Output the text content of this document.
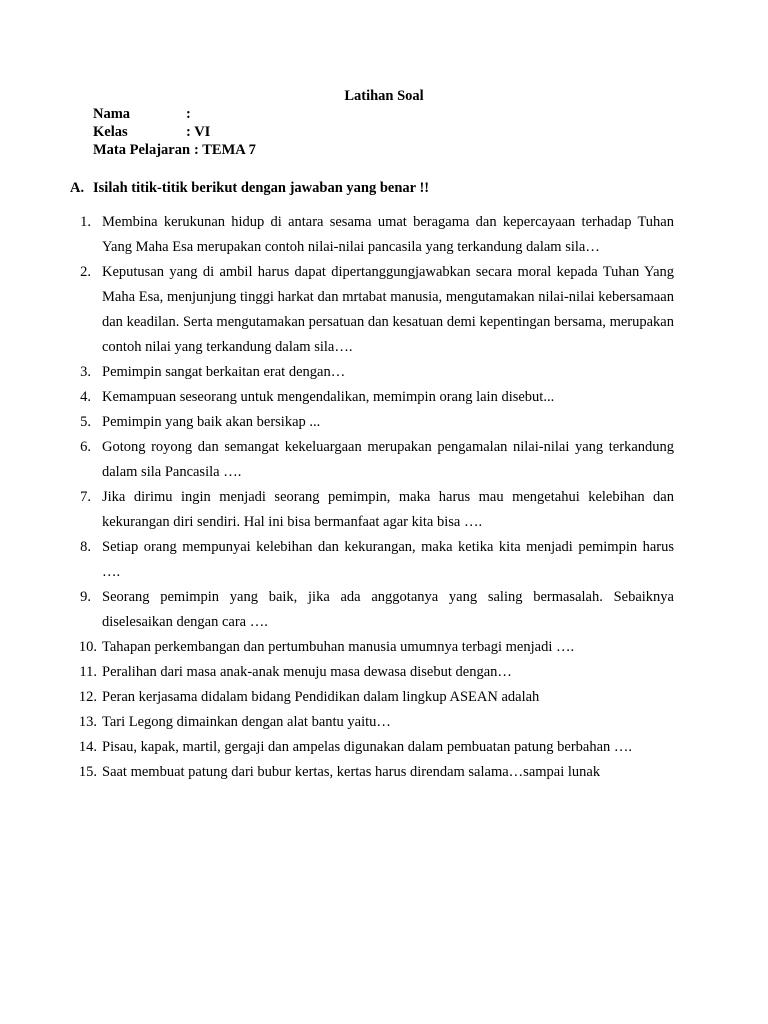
Latihan Soal
Nama	:
Kelas	: VI
Mata Pelajaran : TEMA 7
A. Isilah titik-titik berikut dengan jawaban yang benar !!
1. Membina kerukunan hidup di antara sesama umat beragama dan kepercayaan terhadap Tuhan Yang Maha Esa merupakan contoh nilai-nilai pancasila yang terkandung dalam sila…
2. Keputusan yang di ambil harus dapat dipertanggungjawabkan secara moral kepada Tuhan Yang Maha Esa, menjunjung tinggi harkat dan mrtabat manusia, mengutamakan nilai-nilai kebersamaan dan keadilan. Serta mengutamakan persatuan dan kesatuan demi kepentingan bersama, merupakan contoh nilai yang terkandung dalam sila….
3. Pemimpin sangat berkaitan erat dengan…
4. Kemampuan seseorang untuk mengendalikan, memimpin orang lain disebut...
5. Pemimpin yang baik akan bersikap ...
6. Gotong royong dan semangat kekeluargaan merupakan pengamalan nilai-nilai yang terkandung dalam sila Pancasila ….
7. Jika dirimu ingin menjadi seorang pemimpin, maka harus mau mengetahui kelebihan dan kekurangan diri sendiri. Hal ini bisa bermanfaat agar kita bisa ….
8. Setiap orang mempunyai kelebihan dan kekurangan, maka ketika kita menjadi pemimpin harus ….
9. Seorang pemimpin yang baik, jika ada anggotanya yang saling bermasalah. Sebaiknya diselesaikan dengan cara ….
10. Tahapan perkembangan dan pertumbuhan manusia umumnya terbagi menjadi ….
11. Peralihan dari masa anak-anak menuju masa dewasa disebut dengan…
12. Peran kerjasama didalam bidang Pendidikan dalam lingkup ASEAN adalah
13. Tari Legong dimainkan dengan alat bantu yaitu…
14. Pisau, kapak, martil, gergaji dan ampelas digunakan dalam pembuatan patung berbahan ….
15. Saat membuat patung dari bubur kertas, kertas harus direndam salama…sampai lunak
